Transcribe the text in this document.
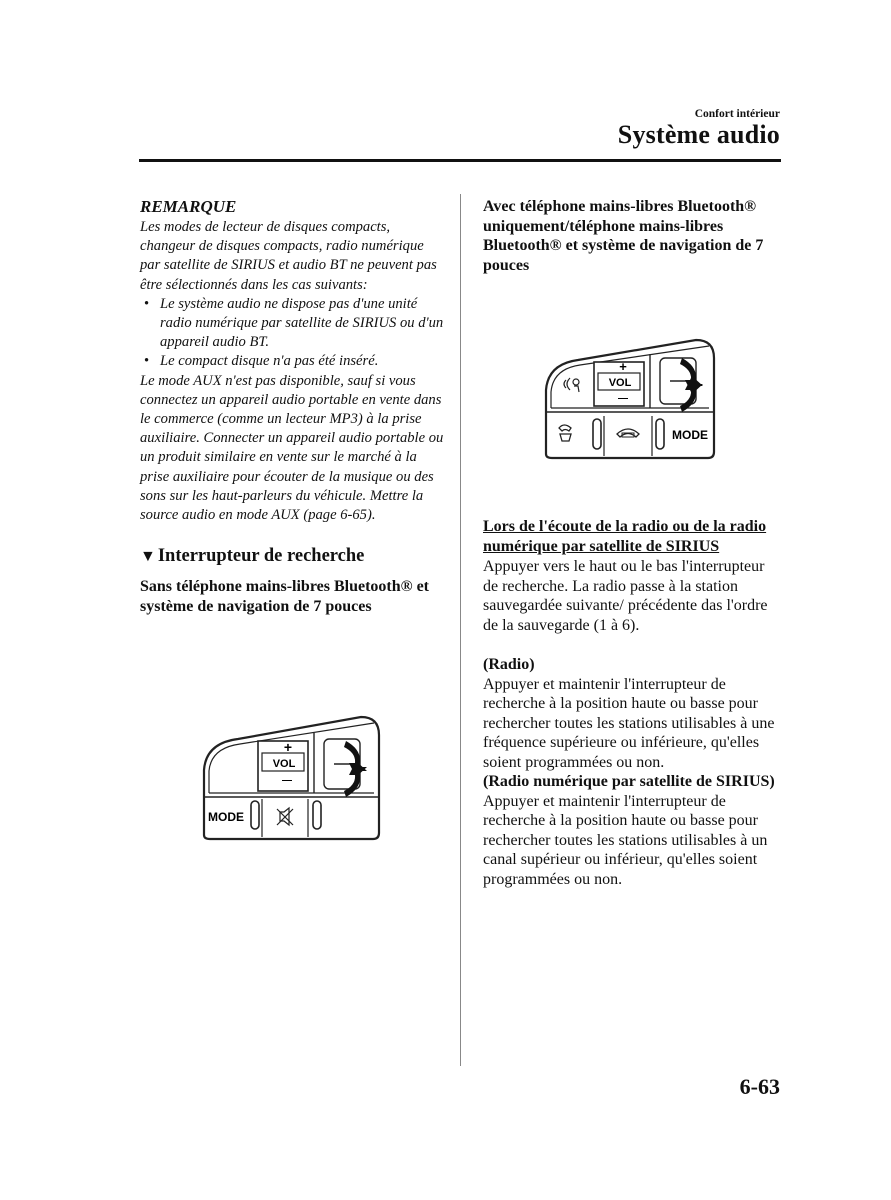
Confort intérieur
Système audio

REMARQUE

Les modes de lecteur de disques compacts, changeur de disques compacts, radio numérique par satellite de SIRIUS et audio BT ne peuvent pas être sélectionnés dans les cas suivants:

• Le système audio ne dispose pas d'une unité radio numérique par satellite de SIRIUS ou d'un appareil audio BT.
• Le compact disque n'a pas été inséré.

Le mode AUX n'est pas disponible, sauf si vous connectez un appareil audio portable en vente dans le commerce (comme un lecteur MP3) à la prise auxiliaire. Connecter un appareil audio portable ou un produit similaire en vente sur le marché à la prise auxiliaire pour écouter de la musique ou des sons sur les haut-parleurs du véhicule. Mettre la source audio en mode AUX (page 6-65).

▼ Interrupteur de recherche

Sans téléphone mains-libres Bluetooth® et système de navigation de 7 pouces

+
VOL
—
MODE

Avec téléphone mains-libres Bluetooth® uniquement/téléphone mains-libres Bluetooth® et système de navigation de 7 pouces

+
VOL
—
MODE

Lors de l'écoute de la radio ou de la radio numérique par satellite de SIRIUS

Appuyer vers le haut ou le bas l'interrupteur de recherche. La radio passe à la station sauvegardée suivante/ précédente das l'ordre de la sauvegarde (1 à 6).

(Radio)

Appuyer et maintenir l'interrupteur de recherche à la position haute ou basse pour rechercher toutes les stations utilisables à une fréquence supérieure ou inférieure, qu'elles soient programmées ou non.

(Radio numérique par satellite de SIRIUS)

Appuyer et maintenir l'interrupteur de recherche à la position haute ou basse pour rechercher toutes les stations utilisables à un canal supérieur ou inférieur, qu'elles soient programmées ou non.

6-63
